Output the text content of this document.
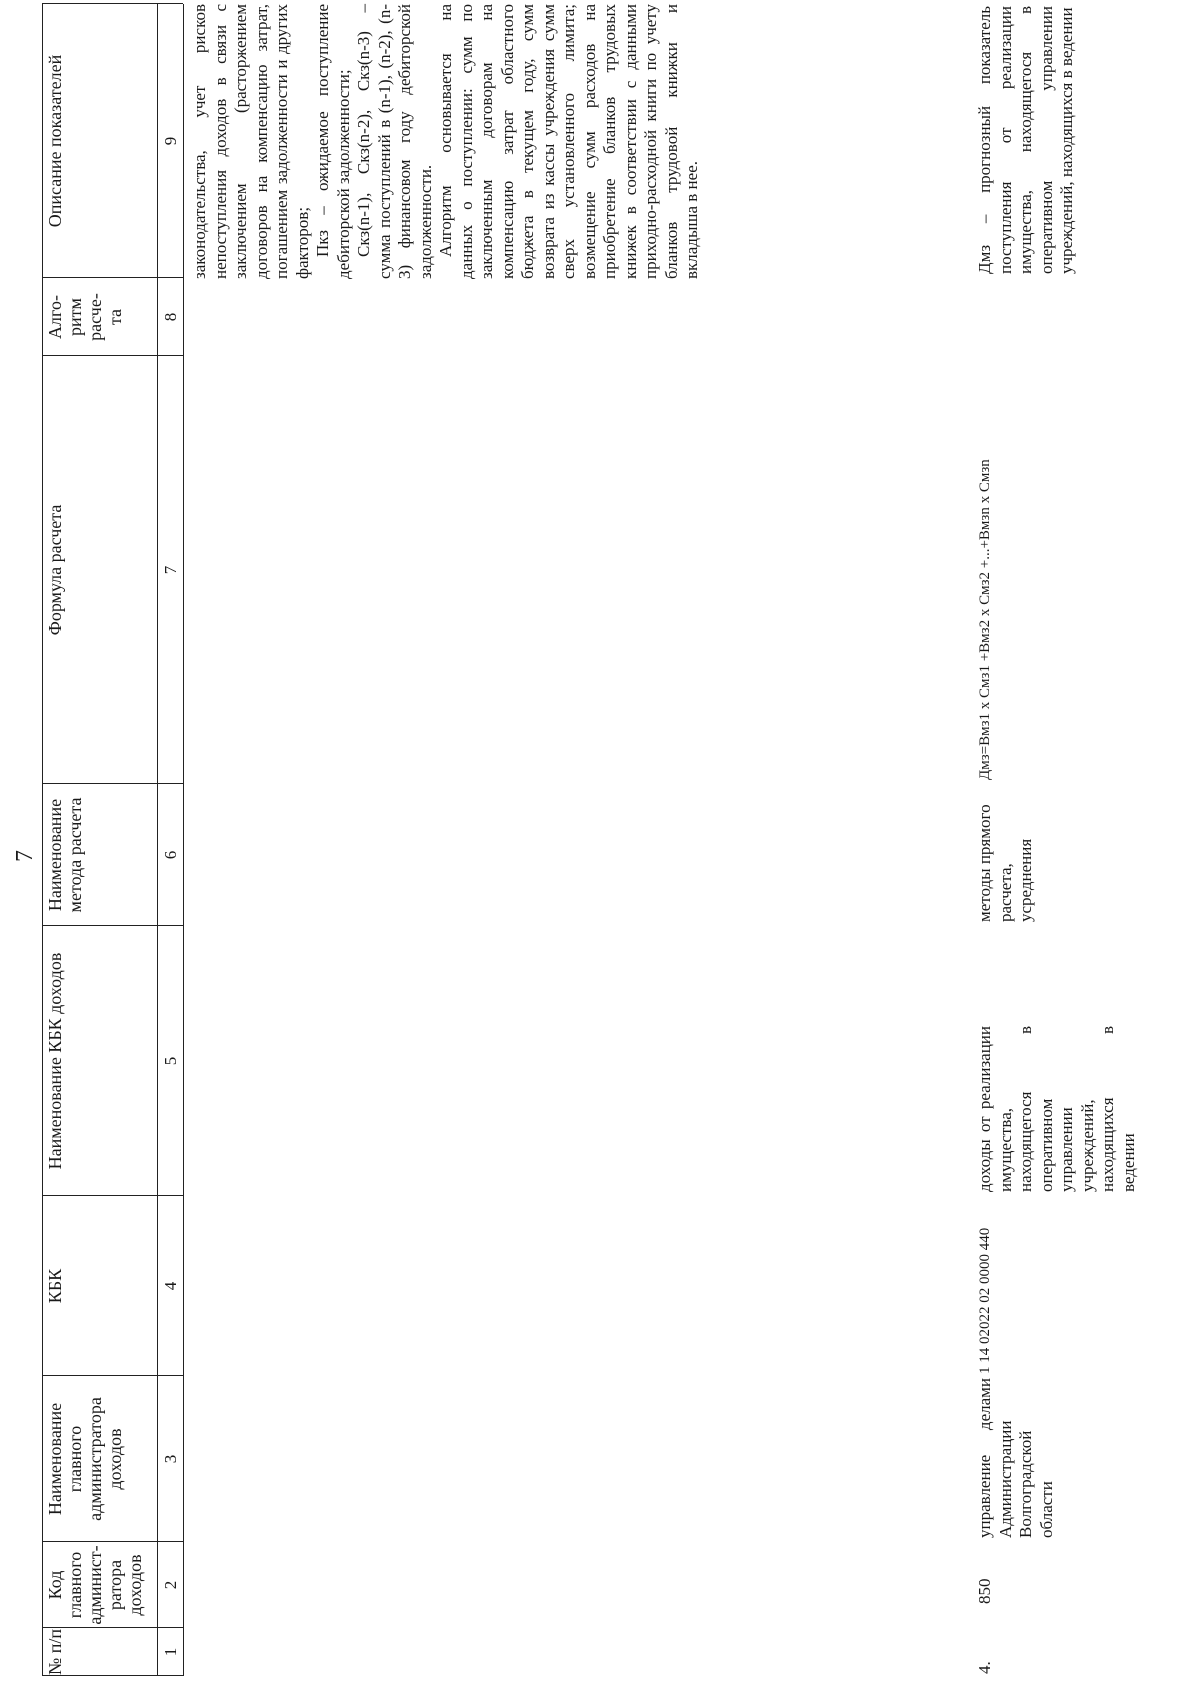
7
№ п/п
Код главного админист-ратора доходов
Наименование главного администратора доходов
КБК
Наименование КБК доходов
Наименование метода расчета
Формула расчета
Алго-ритм расче-та
Описание показателей
1
2
3
4
5
6
7
8
9 законодательства, учет рисков непоступления доходов в связи с заключением (расторжением договоров на компенсацию затрат, погашением задолженности и других факторов; Пкз – ожидаемое поступление дебиторской задолженности; Скз(n-1), Скз(n-2), Скз(n-3) – сумма поступлений в (n-1), (n-2), (n-3) финансовом году дебиторской задолженности. Алгоритм основывается на данных о поступлении: сумм по заключенным договорам на компенсацию затрат областного бюджета в текущем году, сумм возврата из кассы учреждения сумм сверх установленного лимита; возмещение сумм расходов на приобретение бланков трудовых книжек в соответствии с данными приходно-расходной книги по учету бланков трудовой книжки и вкладыша в нее.

4.
850
управление делами Администрации Волгоградской области
1 14 02022 02 0000 440
доходы от реализации имущества, находящегося в оперативном управлении учреждений, находящихся в ведении
методы прямого расчета, усреднения
Дмз=Вмз1 х Смз1 +Вмз2 х Смз2 +...+Вмзn х Смзn
Дмз – прогнозный показатель поступления от реализации имущества, находящегося в оперативном управлении учреждений, находящихся в ведении
